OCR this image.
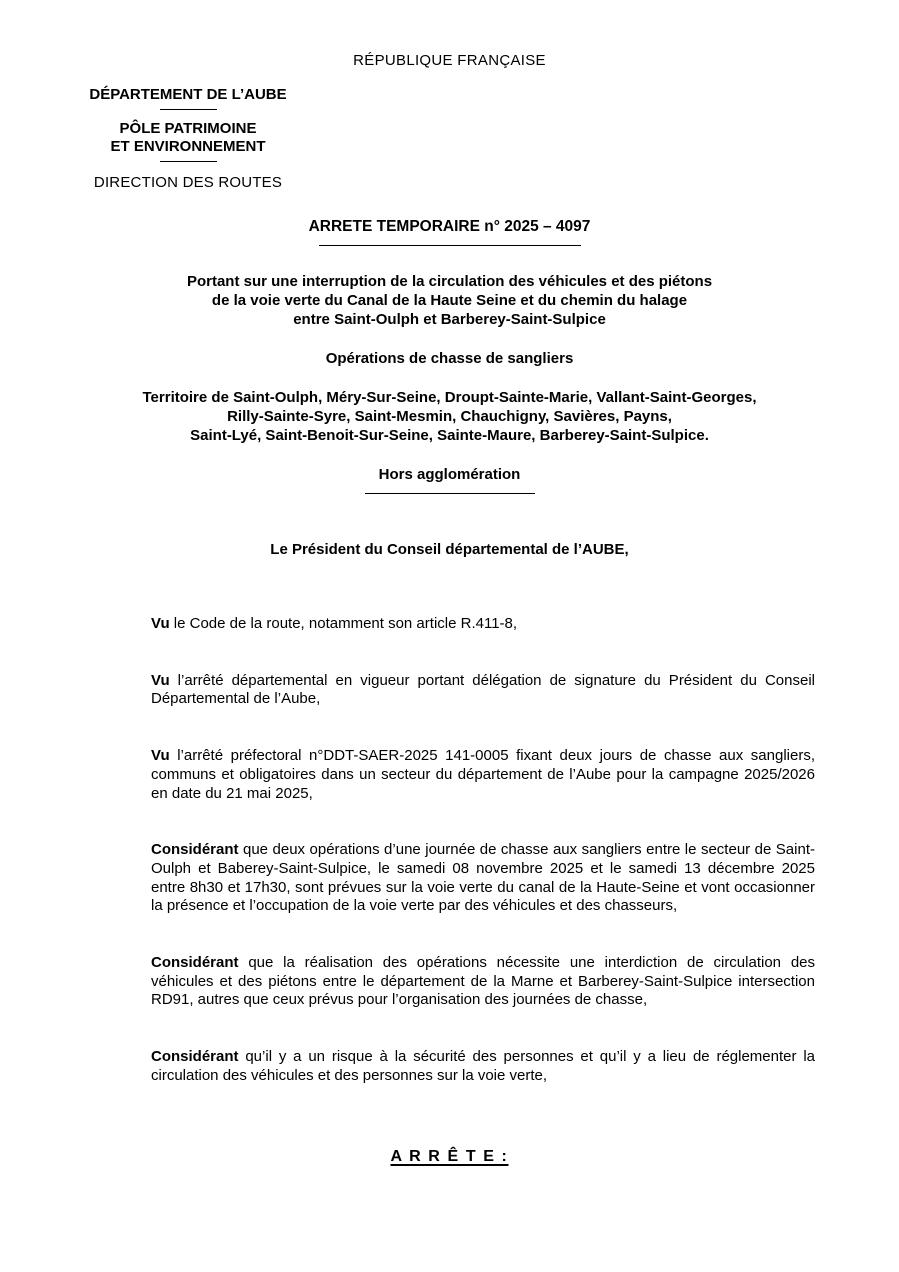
RÉPUBLIQUE FRANÇAISE
DÉPARTEMENT DE L’AUBE
PÔLE PATRIMOINE
ET ENVIRONNEMENT
DIRECTION DES ROUTES
ARRETE TEMPORAIRE n° 2025 – 4097
Portant sur une interruption de la circulation des véhicules et des piétons
de la voie verte du Canal de la Haute Seine et du chemin du halage
entre Saint-Oulph et Barberey-Saint-Sulpice
Opérations de chasse de sangliers
Territoire de Saint-Oulph, Méry-Sur-Seine, Droupt-Sainte-Marie, Vallant-Saint-Georges,
Rilly-Sainte-Syre, Saint-Mesmin, Chauchigny, Savières, Payns,
Saint-Lyé, Saint-Benoit-Sur-Seine, Sainte-Maure, Barberey-Saint-Sulpice.
Hors agglomération
Le Président du Conseil départemental de l’AUBE,

Vu le Code de la route, notamment son article R.411-8,

Vu l’arrêté départemental en vigueur portant délégation de signature du Président du Conseil Départemental de l’Aube,

Vu l’arrêté préfectoral n°DDT-SAER-2025 141-0005 fixant deux jours de chasse aux sangliers, communs et obligatoires dans un secteur du département de l’Aube pour la campagne 2025/2026 en date du 21 mai 2025,

Considérant que deux opérations d’une journée de chasse aux sangliers entre le secteur de Saint-Oulph et Baberey-Saint-Sulpice, le samedi 08 novembre 2025 et le samedi 13 décembre 2025 entre 8h30 et 17h30, sont prévues sur la voie verte du canal de la Haute-Seine et vont occasionner la présence et l’occupation de la voie verte par des véhicules et des chasseurs,

Considérant que la réalisation des opérations nécessite une interdiction de circulation des véhicules et des piétons entre le département de la Marne et Barberey-Saint-Sulpice intersection RD91, autres que ceux prévus pour l’organisation des journées de chasse,

Considérant qu’il y a un risque à la sécurité des personnes et qu’il y a lieu de réglementer la circulation des véhicules et des personnes sur la voie verte,

A R R Ê T E :
